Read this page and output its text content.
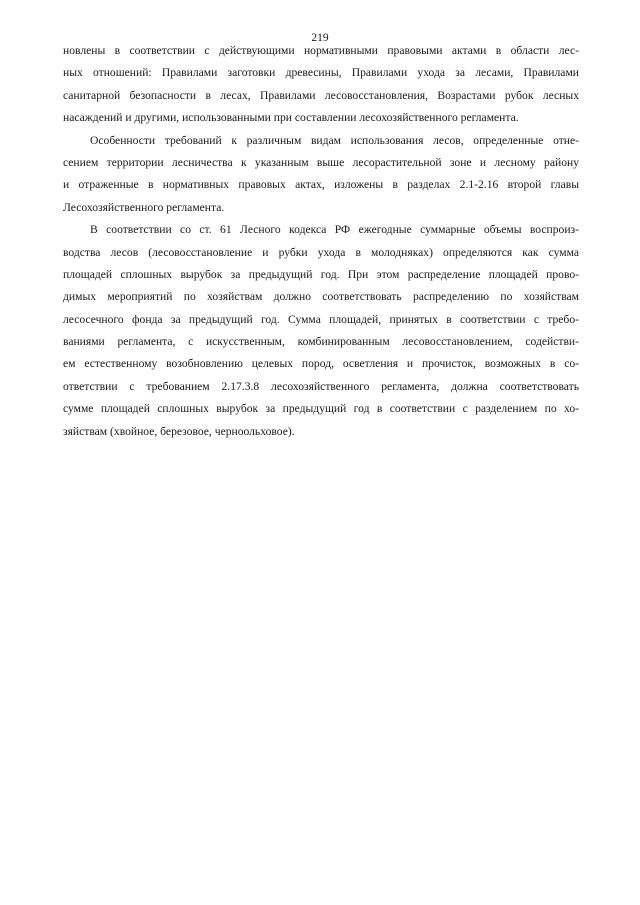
219
новлены в соответствии с действующими нормативными правовыми актами в области лес-
ных отношений: Правилами заготовки древесины, Правилами ухода за лесами, Правилами
санитарной безопасности в лесах, Правилами лесовосстановления, Возрастами рубок лесных
насаждений и другими, использованными при составлении лесохозяйственного регламента.
Особенности требований к различным видам использования лесов, определенные отне-
сением территории лесничества к указанным выше лесорастительной зоне и лесному району
и отраженные в нормативных правовых актах, изложены в разделах 2.1-2.16 второй главы
Лесохозяйственного регламента.
В соответствии со ст. 61 Лесного кодекса РФ ежегодные суммарные объемы воспроиз-
водства лесов (лесовосстановление и рубки ухода в молодняках) определяются как сумма
площадей сплошных вырубок за предыдущий год. При этом распределение площадей прово-
димых мероприятий по хозяйствам должно соответствовать распределению по хозяйствам
лесосечного фонда за предыдущий год. Сумма площадей, принятых в соответствии с требо-
ваниями регламента, с искусственным, комбинированным лесовосстановлением, содействи-
ем естественному возобновлению целевых пород, осветления и прочисток, возможных в со-
ответствии с требованием 2.17.3.8 лесохозяйственного регламента, должна соответствовать
сумме площадей сплошных вырубок за предыдущий год в соответствии с разделением по хо-
зяйствам (хвойное, березовое, черноольховое).
